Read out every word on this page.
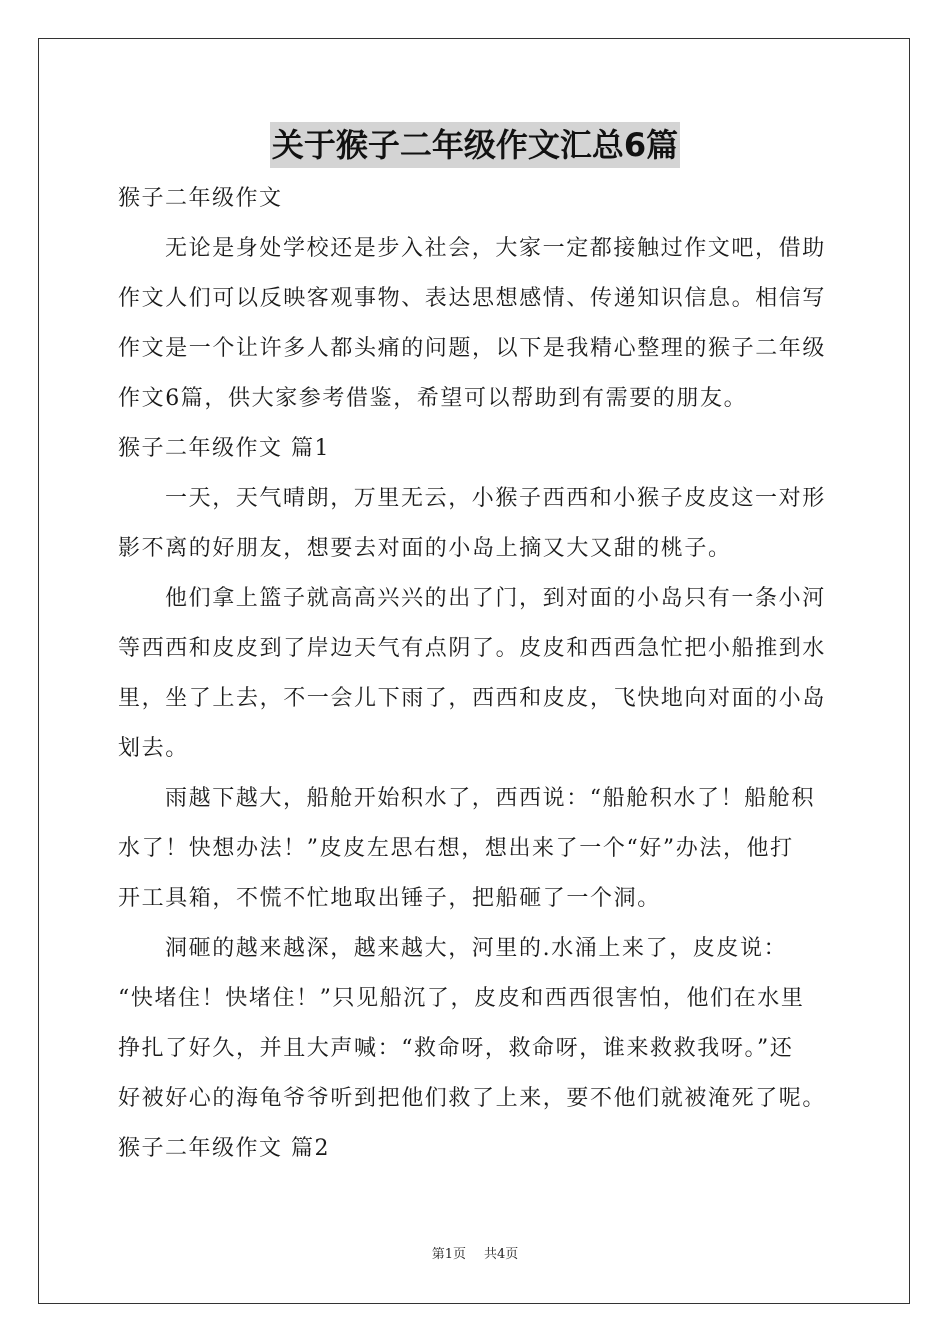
关于猴子二年级作文汇总6篇
猴子二年级作文
无论是身处学校还是步入社会，大家一定都接触过作文吧，借助
作文人们可以反映客观事物、表达思想感情、传递知识信息。相信写
作文是一个让许多人都头痛的问题，以下是我精心整理的猴子二年级
作文6篇，供大家参考借鉴，希望可以帮助到有需要的朋友。
猴子二年级作文 篇1
一天，天气晴朗，万里无云，小猴子西西和小猴子皮皮这一对形
影不离的好朋友，想要去对面的小岛上摘又大又甜的桃子。
他们拿上篮子就高高兴兴的出了门，到对面的小岛只有一条小河
等西西和皮皮到了岸边天气有点阴了。皮皮和西西急忙把小船推到水
里，坐了上去，不一会儿下雨了，西西和皮皮，飞快地向对面的小岛
划去。
雨越下越大，船舱开始积水了，西西说：“船舱积水了！船舱积
水了！快想办法！”皮皮左思右想，想出来了一个“好”办法，他打
开工具箱，不慌不忙地取出锤子，把船砸了一个洞。
洞砸的越来越深，越来越大，河里的.水涌上来了，皮皮说：
“快堵住！快堵住！”只见船沉了，皮皮和西西很害怕，他们在水里
挣扎了好久，并且大声喊：“救命呀，救命呀，谁来救救我呀。”还
好被好心的海龟爷爷听到把他们救了上来，要不他们就被淹死了呢。
猴子二年级作文 篇2
第1页 共4页
